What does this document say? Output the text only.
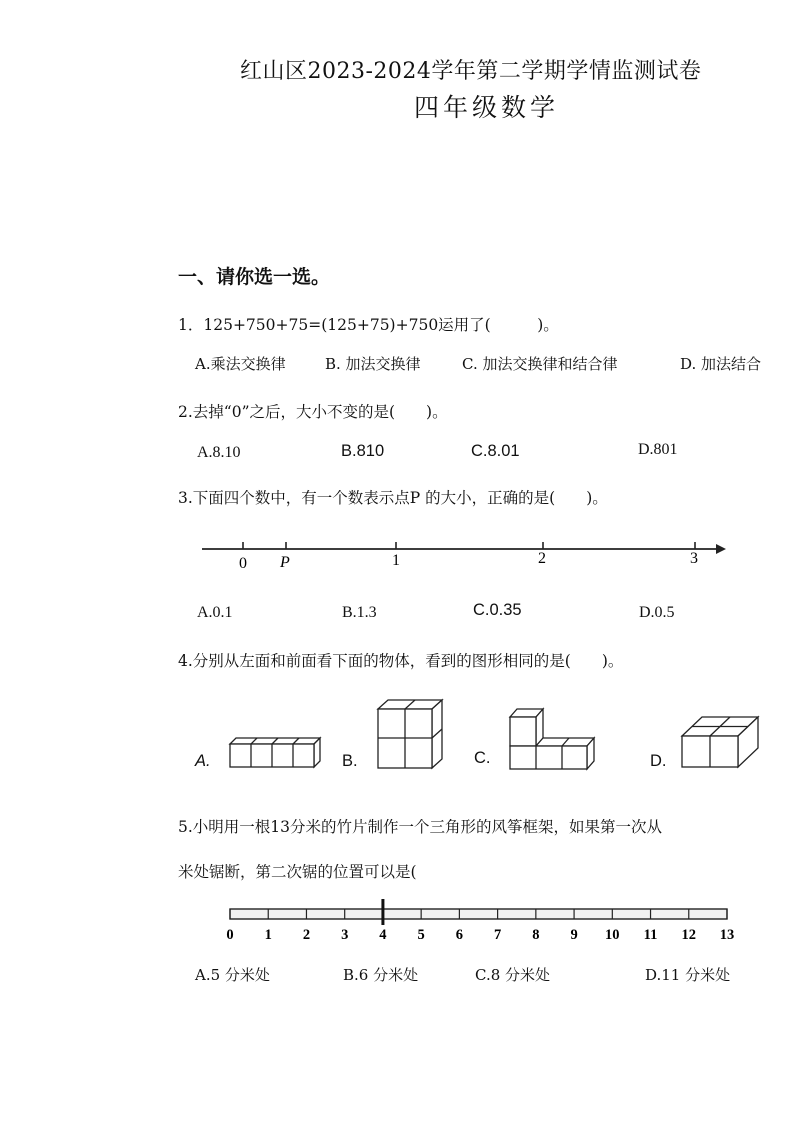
红山区2023-2024学年第二学期学情监测试卷
四年级数学
一、请你选一选。
1．125+750+75=(125+75)+750运用了(　　　)。
A.乘法交换律	B. 加法交换律	C. 加法交换律和结合律	D. 加法结合
2.去掉“0”之后，大小不变的是(　　)。
A.8.10	B.810	C.8.01	D.801
3.下面四个数中，有一个数表示点P 的大小，正确的是(　　)。
0 P	1	2	3
A.0.1	B.1.3	C.0.35	D.0.5
4.分别从左面和前面看下面的物体，看到的图形相同的是(　　)。
A.	B.	C.	D.
5.小明用一根13分米的竹片制作一个三角形的风筝框架，如果第一次从
米处锯断，第二次锯的位置可以是(
0 1 2 3 4 5 6 7 8 9 10 11 12 13
A.5 分米处	B.6 分米处	C.8 分米处	D.11 分米处
